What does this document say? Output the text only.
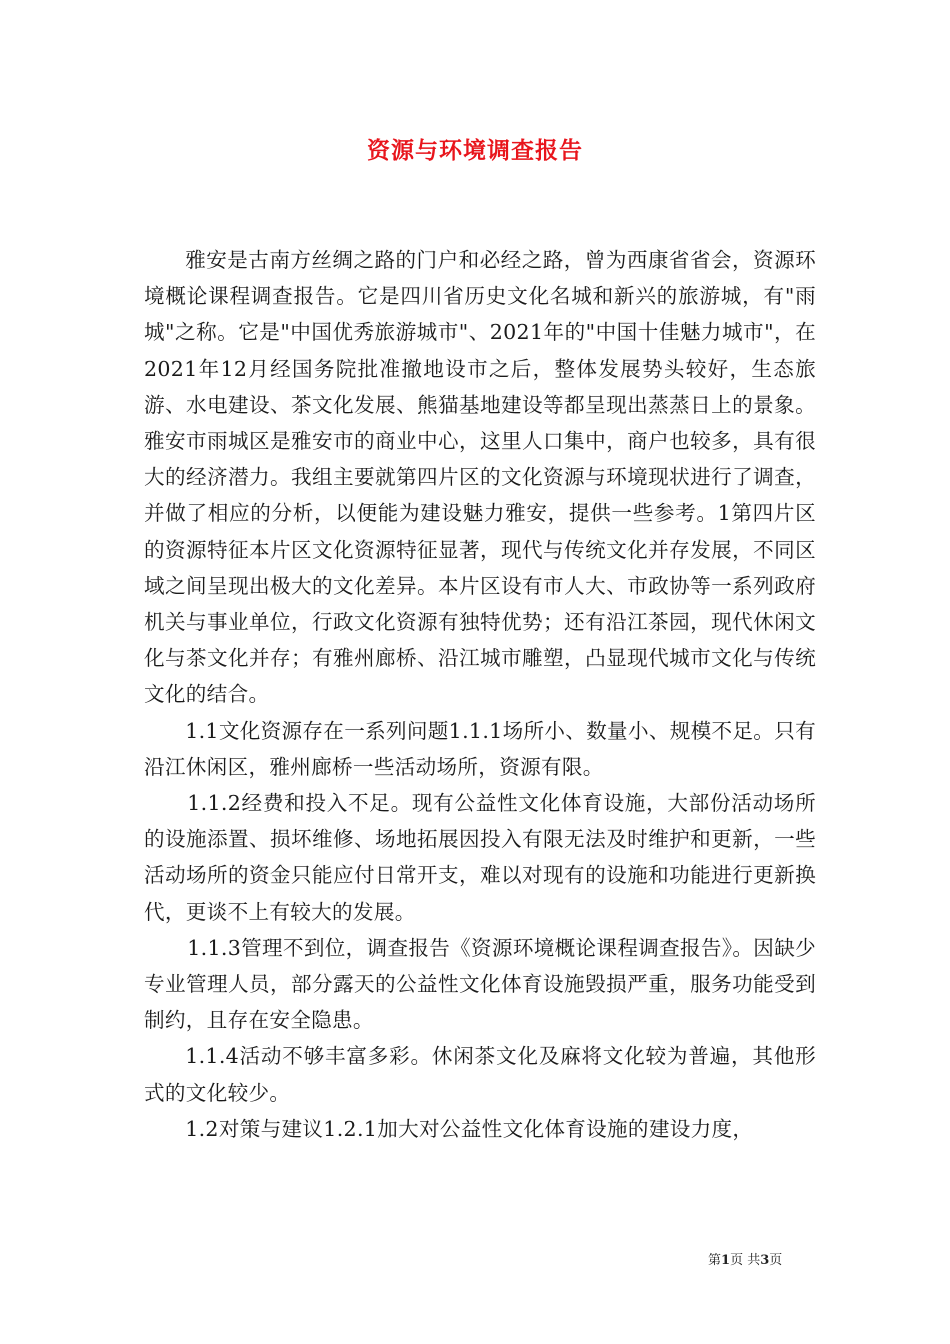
资源与环境调查报告

雅安是古南方丝绸之路的门户和必经之路，曾为西康省省会，资源环境概论课程调查报告。它是四川省历史文化名城和新兴的旅游城，有"雨城"之称。它是"中国优秀旅游城市"、2021年的"中国十佳魅力城市"，在2021年12月经国务院批准撤地设市之后，整体发展势头较好，生态旅游、水电建设、茶文化发展、熊猫基地建设等都呈现出蒸蒸日上的景象。雅安市雨城区是雅安市的商业中心，这里人口集中，商户也较多，具有很大的经济潜力。我组主要就第四片区的文化资源与环境现状进行了调查，并做了相应的分析，以便能为建设魅力雅安，提供一些参考。1第四片区的资源特征本片区文化资源特征显著，现代与传统文化并存发展，不同区域之间呈现出极大的文化差异。本片区设有市人大、市政协等一系列政府机关与事业单位，行政文化资源有独特优势；还有沿江茶园，现代休闲文化与茶文化并存；有雅州廊桥、沿江城市雕塑，凸显现代城市文化与传统文化的结合。

1.1文化资源存在一系列问题1.1.1场所小、数量小、规模不足。只有沿江休闲区，雅州廊桥一些活动场所，资源有限。

1.1.2经费和投入不足。现有公益性文化体育设施，大部份活动场所的设施添置、损坏维修、场地拓展因投入有限无法及时维护和更新，一些活动场所的资金只能应付日常开支，难以对现有的设施和功能进行更新换代，更谈不上有较大的发展。

1.1.3管理不到位，调查报告《资源环境概论课程调查报告》。因缺少专业管理人员，部分露天的公益性文化体育设施毁损严重，服务功能受到制约，且存在安全隐患。

1.1.4活动不够丰富多彩。休闲茶文化及麻将文化较为普遍，其他形式的文化较少。

1.2对策与建议1.2.1加大对公益性文化体育设施的建设力度，

第1页 共3页
